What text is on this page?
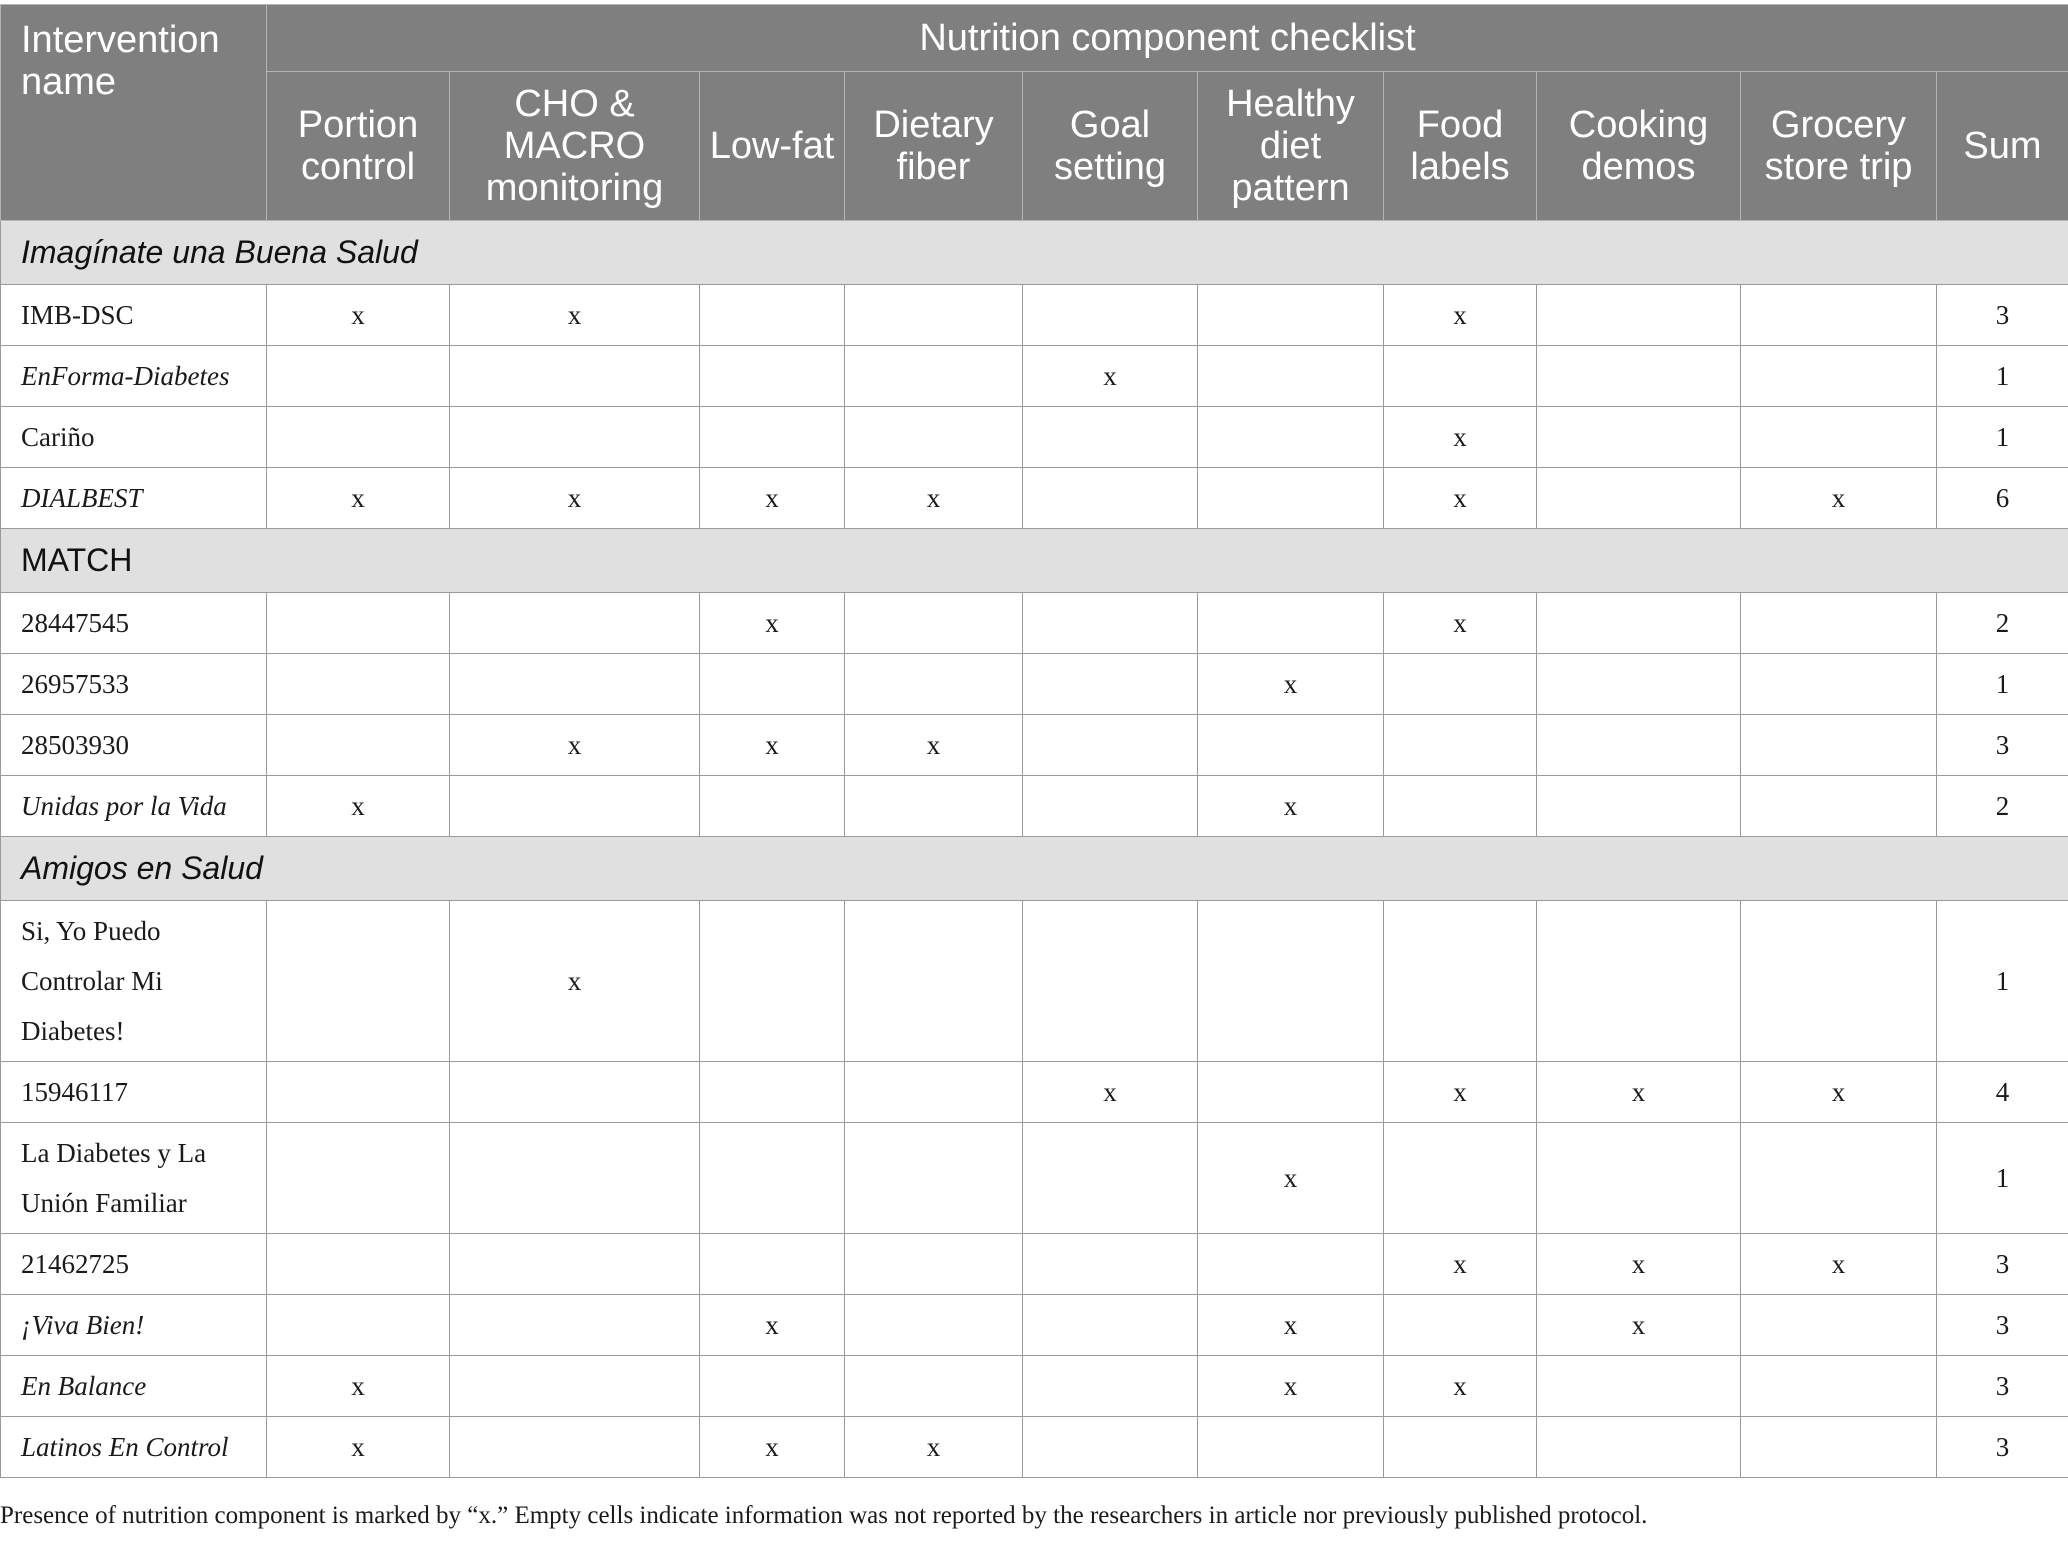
Intervention name	Nutrition component checklist									
	Portion control	CHO & MACRO monitoring	Low-fat	Dietary fiber	Goal setting	Healthy diet pattern	Food labels	Cooking demos	Grocery store trip	Sum
Imagínate una Buena Salud										
IMB-DSC	x	x					x			3
EnForma-Diabetes					x					1
Cariño							x			1
DIALBEST	x	x	x	x			x		x	6
MATCH										
28447545			x				x			2
26957533						x				1
28503930		x	x	x						3
Unidas por la Vida	x					x				2
Amigos en Salud										
Si, Yo Puedo Controlar Mi Diabetes!		x								1
15946117					x		x	x	x	4
La Diabetes y La Unión Familiar						x				1
21462725							x	x	x	3
¡Viva Bien!			x			x		x		3
En Balance	x					x	x			3
Latinos En Control	x		x	x						3
Presence of nutrition component is marked by “x.” Empty cells indicate information was not reported by the researchers in article nor previously published protocol.
